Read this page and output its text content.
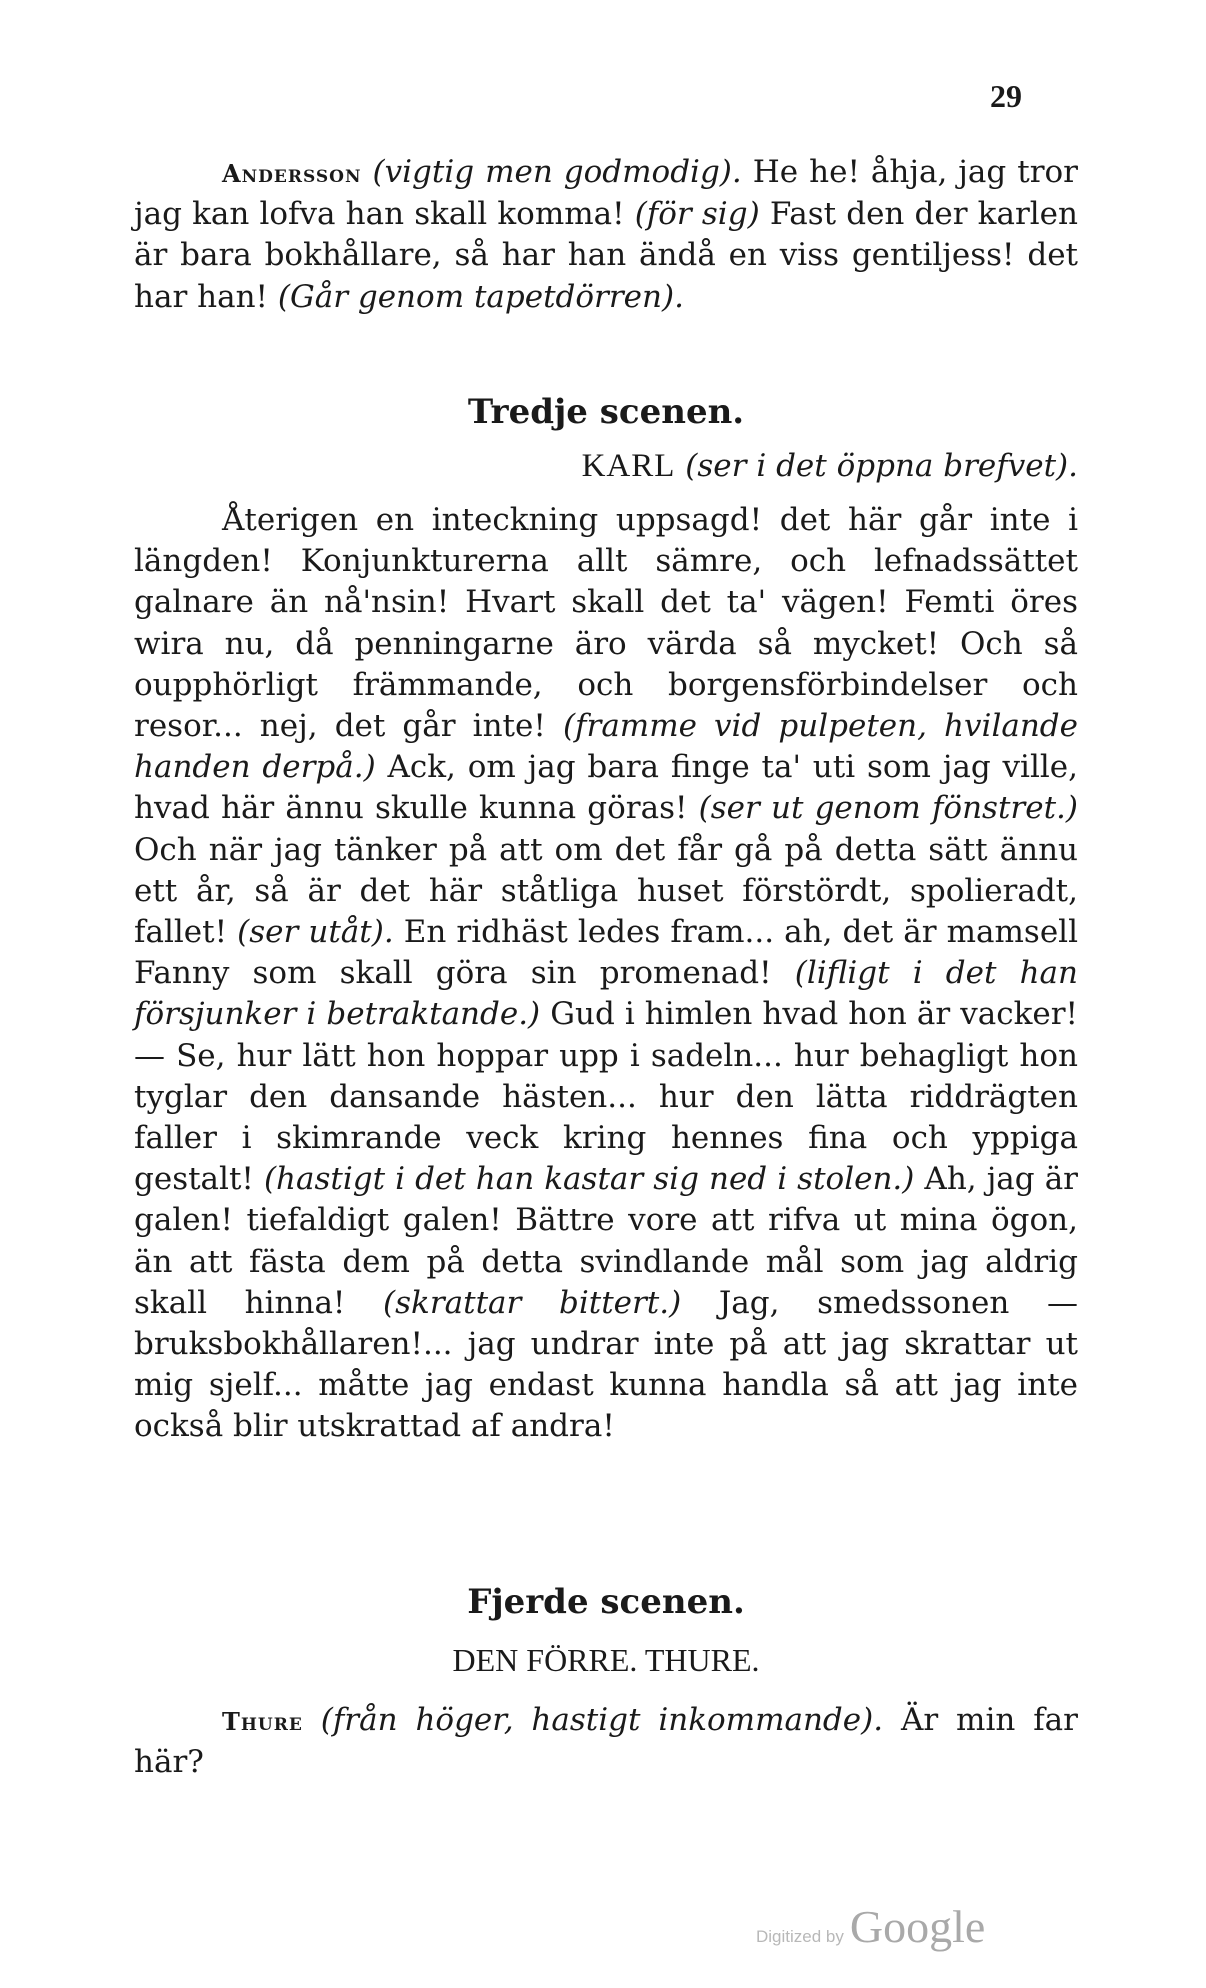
29

Andersson (vigtig men godmodig). He he! åhja, jag tror jag kan lofva han skall komma! (för sig) Fast den der karlen är bara bokhållare, så har han ändå en viss gentiljess! det har han! (Går genom tapetdörren).

Tredje scenen.
KARL (ser i det öppna brefvet).

Återigen en inteckning uppsagd! det här går inte i längden! Konjunkturerna allt sämre, och lefnadssättet galnare än nå'nsin! Hvart skall det ta' vägen! Femti öres wira nu, då penningarne äro värda så mycket! Och så oupphörligt främmande, och borgensförbindelser och resor... nej, det går inte! (framme vid pulpeten, hvilande handen derpå.) Ack, om jag bara finge ta' uti som jag ville, hvad här ännu skulle kunna göras! (ser ut genom fönstret.) Och när jag tänker på att om det får gå på detta sätt ännu ett år, så är det här ståtliga huset förstördt, spolieradt, fallet! (ser utåt). En ridhäst ledes fram... ah, det är mamsell Fanny som skall göra sin promenad! (lifligt i det han försjunker i betraktande.) Gud i himlen hvad hon är vacker! — Se, hur lätt hon hoppar upp i sadeln... hur behagligt hon tyglar den dansande hästen... hur den lätta riddrägten faller i skimrande veck kring hennes fina och yppiga gestalt! (hastigt i det han kastar sig ned i stolen.) Ah, jag är galen! tiefaldigt galen! Bättre vore att rifva ut mina ögon, än att fästa dem på detta svindlande mål som jag aldrig skall hinna! (skrattar bittert.) Jag, smedssonen — bruksbokhållaren!... jag undrar inte på att jag skrattar ut mig sjelf... måtte jag endast kunna handla så att jag inte också blir utskrattad af andra!

Fjerde scenen.
DEN FÖRRE. THURE.

Thure (från höger, hastigt inkommande). Är min far här?

Digitized by Google
